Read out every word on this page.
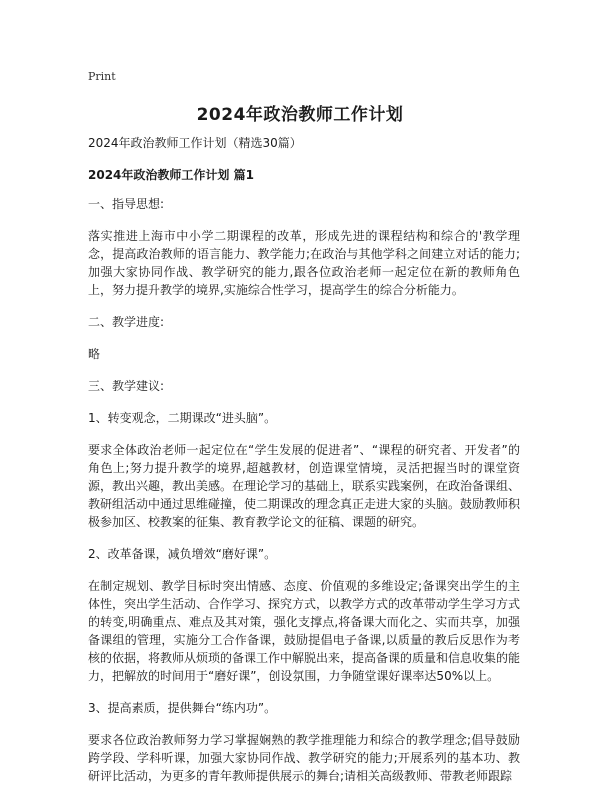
Print
2024年政治教师工作计划

2024年政治教师工作计划（精选30篇）

2024年政治教师工作计划 篇1

一、指导思想:

落实推进上海市中小学二期课程的改革，形成先进的课程结构和综合的'教学理念，提高政治教师的语言能力、教学能力;在政治与其他学科之间建立对话的能力;加强大家协同作战、教学研究的能力,跟各位政治老师一起定位在新的教师角色上，努力提升教学的境界,实施综合性学习，提高学生的综合分析能力。

二、教学进度:

略

三、教学建议:

1、转变观念，二期课改“进头脑”。

要求全体政治老师一起定位在“学生发展的促进者”、“课程的研究者、开发者”的角色上;努力提升教学的境界,超越教材，创造课堂情境，灵活把握当时的课堂资源，教出兴趣，教出美感。在理论学习的基础上，联系实践案例，在政治备课组、教研组活动中通过思维碰撞，使二期课改的理念真正走进大家的头脑。鼓励教师积极参加区、校教案的征集、教育教学论文的征稿、课题的研究。

2、改革备课，减负增效“磨好课”。

在制定规划、教学目标时突出情感、态度、价值观的多维设定;备课突出学生的主体性，突出学生活动、合作学习、探究方式，以教学方式的改革带动学生学习方式的转变,明确重点、难点及其对策，强化支撑点,将备课大而化之、实而共享，加强备课组的管理，实施分工合作备课，鼓励提倡电子备课,以质量的教后反思作为考核的依据，将教师从烦琐的备课工作中解脱出来，提高备课的质量和信息收集的能力，把解放的时间用于“磨好课”，创设氛围，力争随堂课好课率达50%以上。

3、提高素质，提供舞台“练内功”。

要求各位政治教师努力学习掌握娴熟的教学推理能力和综合的教学理念;倡导鼓励跨学段、学科听课，加强大家协同作战、教学研究的能力;开展系列的基本功、教研评比活动，为更多的青年教师提供展示的舞台;请相关高级教师、带教老师跟踪
